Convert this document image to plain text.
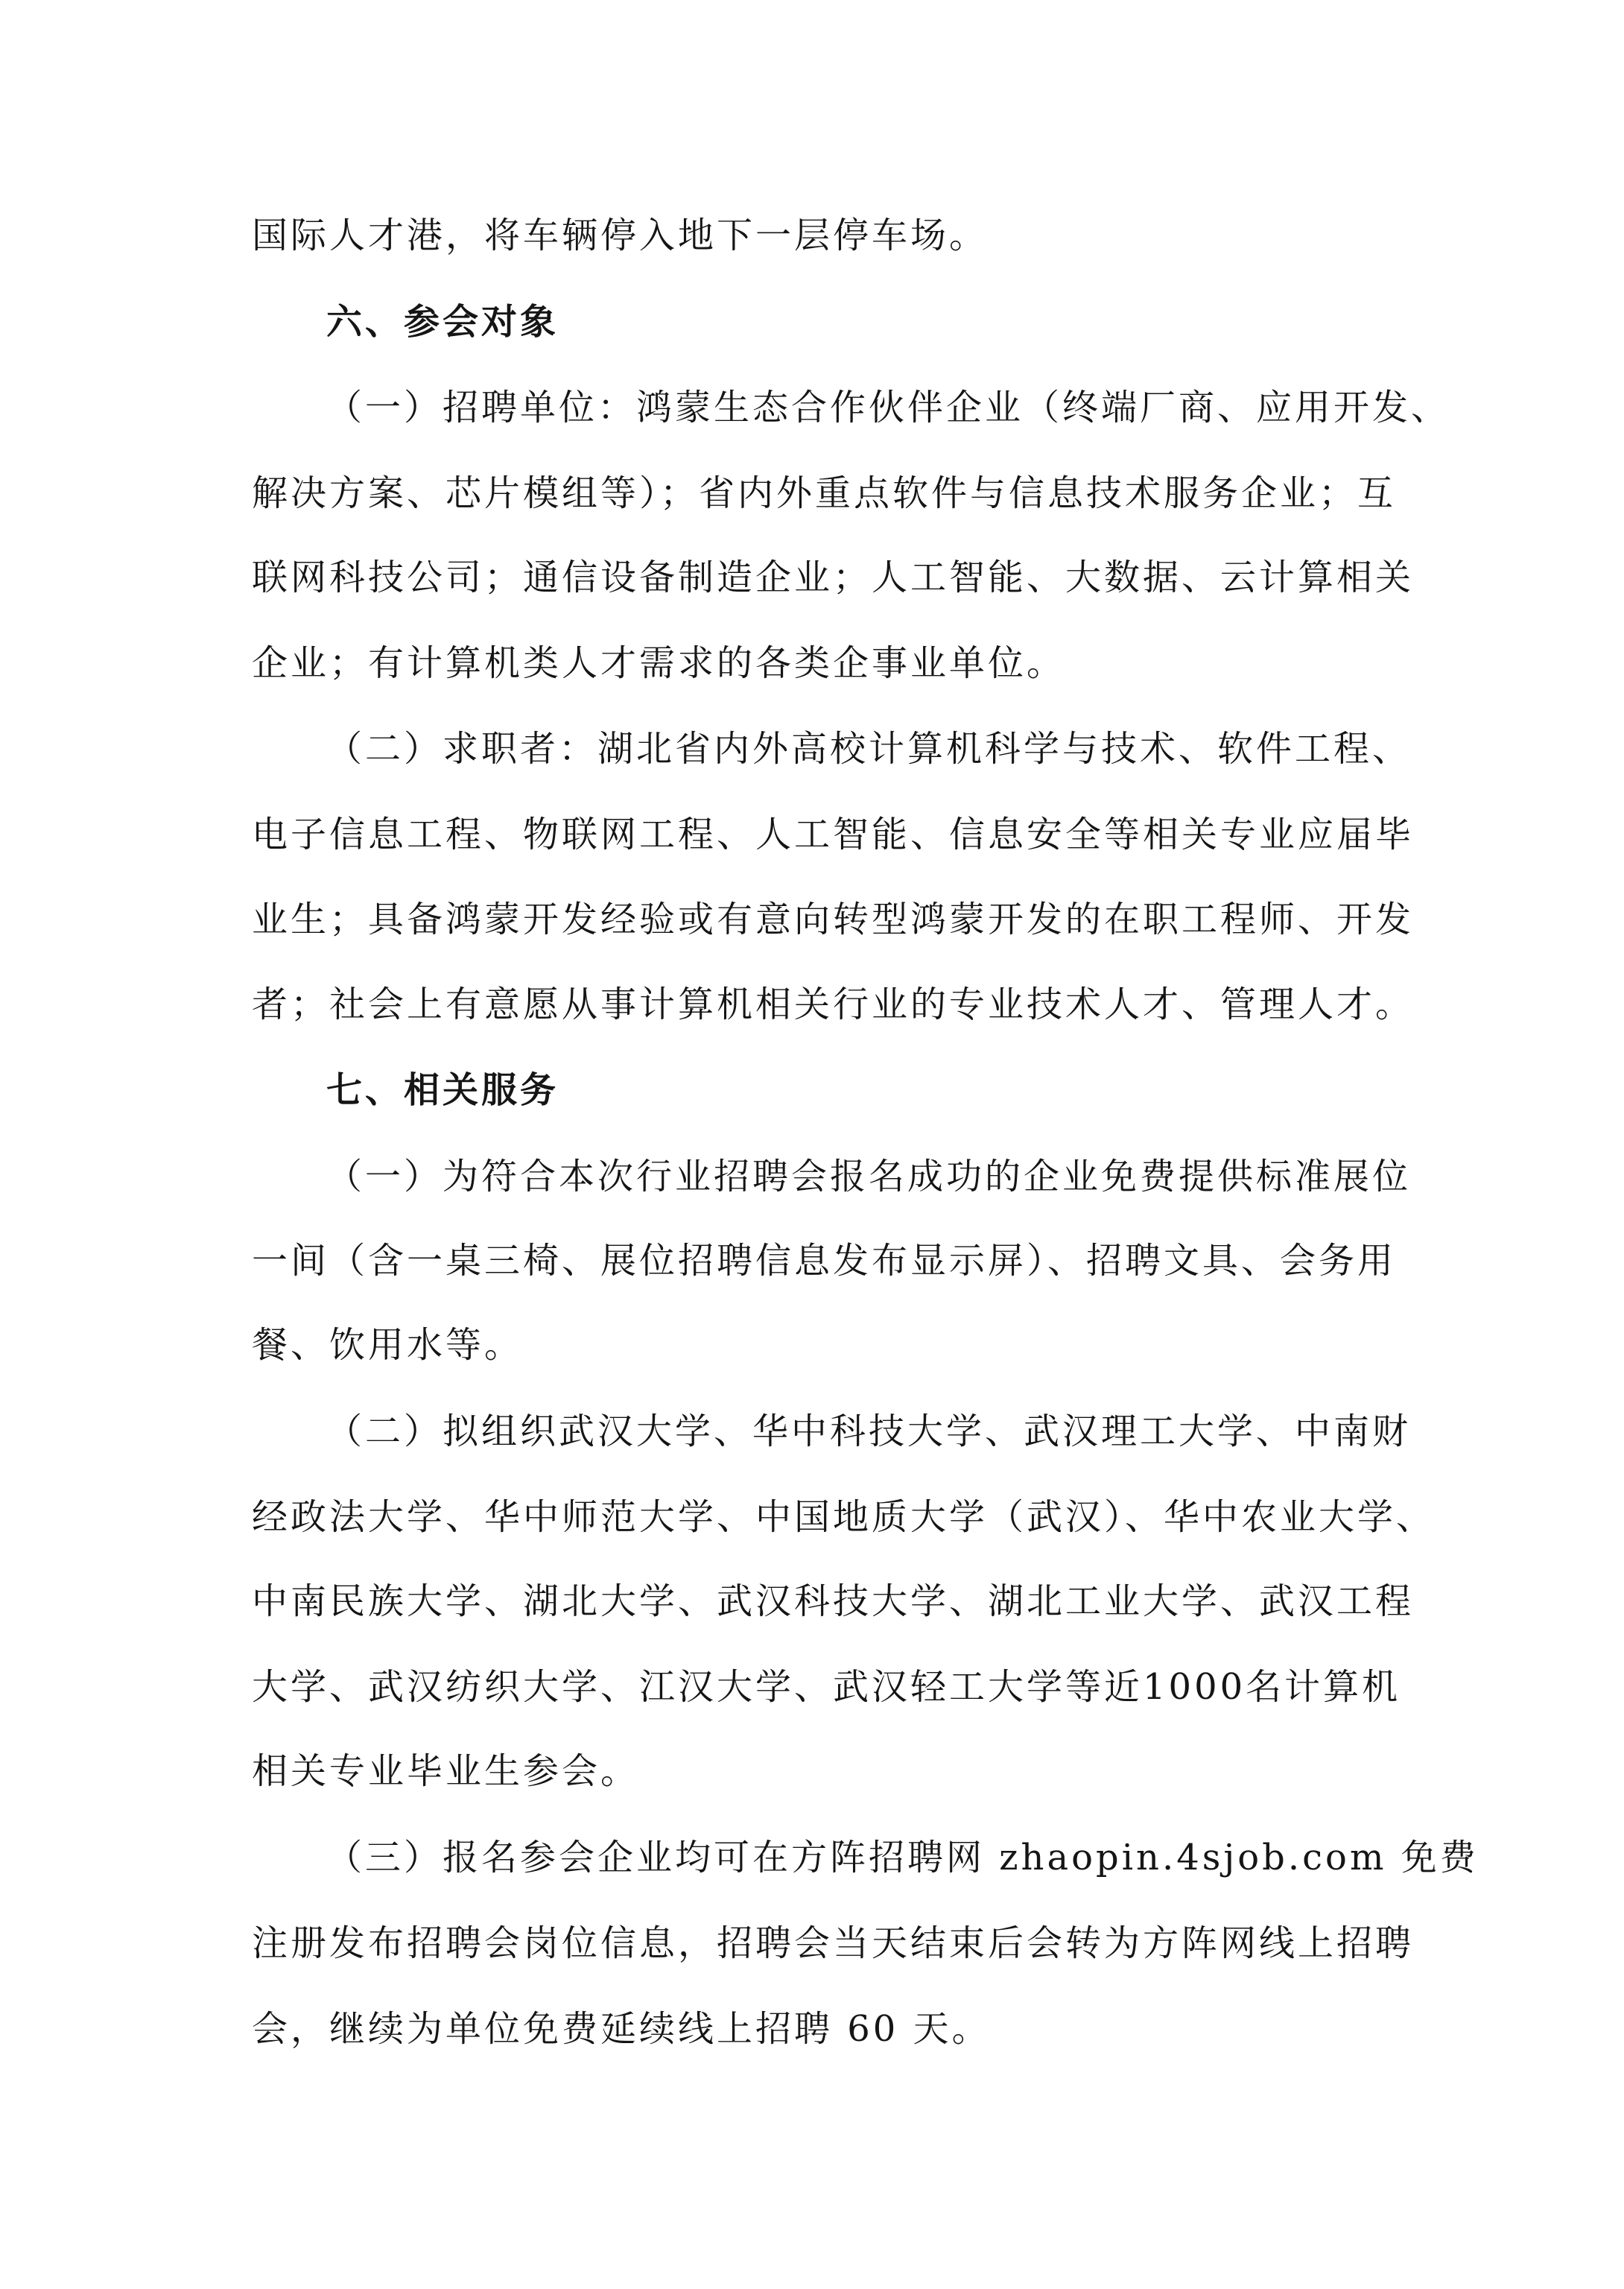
国际人才港，将车辆停入地下一层停车场。
六、参会对象
（一）招聘单位：鸿蒙生态合作伙伴企业（终端厂商、应用开发、
解决方案、芯片模组等）；省内外重点软件与信息技术服务企业；互
联网科技公司；通信设备制造企业；人工智能、大数据、云计算相关
企业；有计算机类人才需求的各类企事业单位。
（二）求职者：湖北省内外高校计算机科学与技术、软件工程、
电子信息工程、物联网工程、人工智能、信息安全等相关专业应届毕
业生；具备鸿蒙开发经验或有意向转型鸿蒙开发的在职工程师、开发
者；社会上有意愿从事计算机相关行业的专业技术人才、管理人才。
七、相关服务
（一）为符合本次行业招聘会报名成功的企业免费提供标准展位
一间（含一桌三椅、展位招聘信息发布显示屏）、招聘文具、会务用
餐、饮用水等。
（二）拟组织武汉大学、华中科技大学、武汉理工大学、中南财
经政法大学、华中师范大学、中国地质大学（武汉）、华中农业大学、
中南民族大学、湖北大学、武汉科技大学、湖北工业大学、武汉工程
大学、武汉纺织大学、江汉大学、武汉轻工大学等近1000名计算机
相关专业毕业生参会。
（三）报名参会企业均可在方阵招聘网 zhaopin.4sjob.com 免费
注册发布招聘会岗位信息，招聘会当天结束后会转为方阵网线上招聘
会，继续为单位免费延续线上招聘 60 天。
